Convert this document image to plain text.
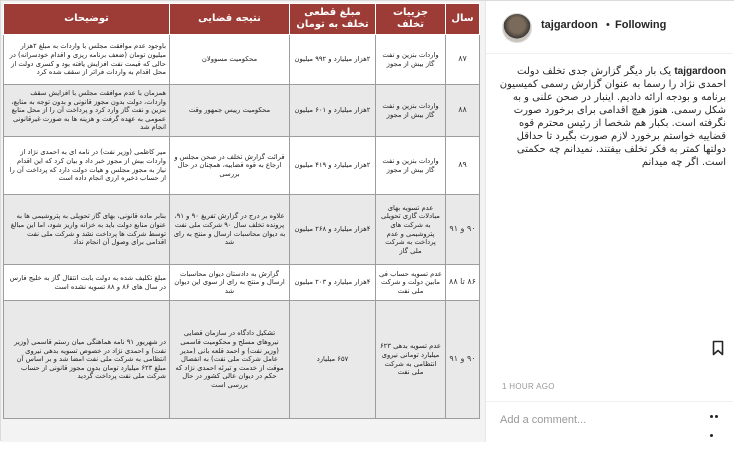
سال	جزییات تخلف	مبلغ قطعی تخلف به تومان	نتیجه قضایی	توضیحات
۸۷	واردات بنزین و نفت گاز بیش از مجوز	۲هزار میلیارد و ۹۹۲ میلیون	محکومیت مسوولان	باوجود عدم موافقت مجلس با واردات به مبلغ ۲هزار میلیون تومان (ضعف برنامه ریزی و اقدام خودسرانه) در حالی که قیمت نفت افزایش یافته بود و کسری دولت از محل اقدام به واردات فراتر از سقف شده کرد
۸۸	واردات بنزین و نفت گاز بیش از مجوز	۲هزار میلیارد و ۶۰۱ میلیون	محکومیت رییس جمهور وقت	همزمان با عدم موافقت مجلس با افزایش سقف واردات، دولت بدون مجوز قانونی و بدون توجه به منابع، بنزین و نفت گاز وارد کرد و پرداخت آن را از محل منابع عمومی به عهده گرفت و هزینه ها به صورت غیرقانونی انجام شد
۸۹	واردات بنزین و نفت گاز بیش از مجوز	۲هزار میلیارد و ۴۱۹ میلیون	قرائت گزارش تخلف در صحن مجلس و ارجاع به قوه قضاییه، همچنان در حال بررسی	میر کاظمی (وزیر نفت) در نامه ای به احمدی نژاد از واردات بیش از مجوز خبر داد و بیان کرد که این اقدام نیاز به مجوز مجلس و هیات دولت دارد که پرداخت آن را از حساب ذخیره ارزی انجام داده است
۹۰ و ۹۱	عدم تسویه بهای مبادلات گازی تحویلی به شرکت های پتروشیمی و عدم پرداخت به شرکت ملی گاز	۴هزار میلیارد و ۲۶۸ میلیون	علاوه بر درج در گزارش تفریغ ۹۰ و ۹۱، پرونده تخلف سال ۹۰ شرکت ملی نفت به دیوان محاسبات ارسال و منتج به رای شد	بنابر ماده قانونی، بهای گاز تحویلی به پتروشیمی ها به عنوان منابع دولت باید به خزانه واریز شود، اما این مبالغ توسط شرکت ها پرداخت نشد و شرکت ملی نفت اقدامی برای وصول آن انجام نداد
۸۶ تا ۸۸	عدم تسویه حساب فی مابین دولت و شرکت ملی نفت	۴هزار میلیارد و ۲۰۳ میلیون	گزارش به دادستان دیوان محاسبات ارسال و منتج به رای از سوی این دیوان شد	مبلغ تکلیف شده به دولت بابت انتقال گاز به خلیج فارس در سال های ۸۶ و ۸۸ تسویه نشده است
۹۰ و ۹۱	عدم تسویه بدهی ۶۲۳ میلیارد تومانی نیروی انتظامی به شرکت ملی نفت	۶۵۷ میلیارد	تشکیل دادگاه در سازمان قضایی نیروهای مسلح و محکومیت قاسمی (وزیر نفت) و احمد قلعه بانی (مدیر عامل شرکت ملی نفت) به انفصال موقت از خدمت و تبرئه احمدی نژاد که حکم در دیوان عالی کشور در حال بررسی است	در شهریور ۹۱ نامه هماهنگی میان رستم قاسمی (وزیر نفت) و احمدی نژاد در خصوص تسویه بدهی نیروی انتظامی به شرکت ملی نفت امضا شد و بر اساس آن مبلغ ۶۲۳ میلیارد تومان بدون مجوز قانونی از حساب شرکت ملی نفت پرداخت گردید
tajgardoon • Following
tajgardoon یک بار دیگر گزارش جدی تخلف دولت احمدی نژاد را رسما به عنوان گزارش رسمی کمیسیون برنامه و بودجه ارائه دادیم. اینبار در صحن علنی و به شکل رسمی. هنوز هیچ اقدامی برای برخورد صورت نگرفته است. بکبار هم شخصا از رئیس محترم قوه قضاییه خواستم برخورد لازم صورت بگیرد تا حداقل دولتها کمتر به فکر تخلف بیفتند. نمیدانم چه حکمتی است. اگر چه میدانم
1 HOUR AGO
Add a comment...
